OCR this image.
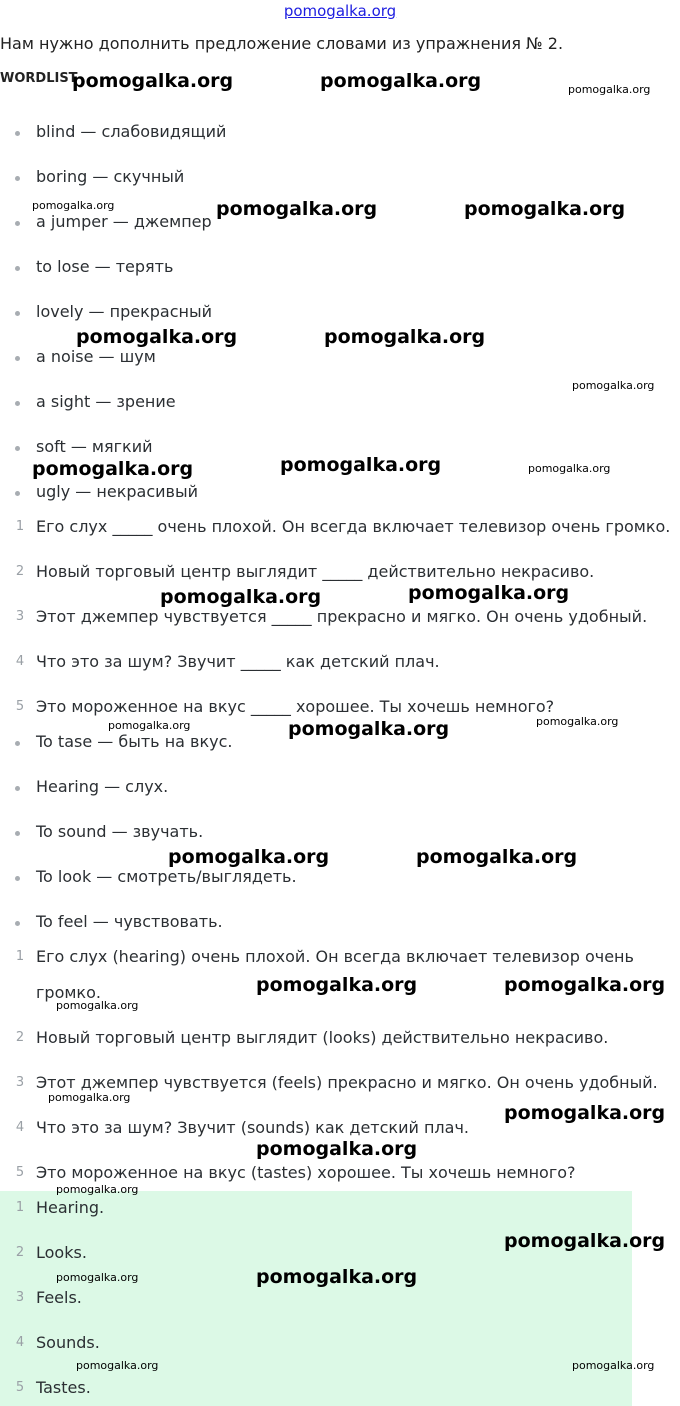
pomogalka.org
Нам нужно дополнить предложение словами из упражнения № 2.
WORDLIST
blind — слабовидящий
boring — скучный
a jumper — джемпер
to lose — терять
lovely — прекрасный
a noise — шум
a sight — зрение
soft — мягкий
ugly — некрасивый
1 Его слух _____ очень плохой. Он всегда включает телевизор очень громко.
2 Новый торговый центр выглядит _____ действительно некрасиво.
3 Этот джемпер чувствуется _____ прекрасно и мягко. Он очень удобный.
4 Что это за шум? Звучит _____ как детский плач.
5 Это мороженное на вкус _____ хорошее. Ты хочешь немного?
To tase — быть на вкус.
Hearing — слух.
To sound — звучать.
To look — смотреть/выглядеть.
To feel — чувствовать.
1 Его слух (hearing) очень плохой. Он всегда включает телевизор очень
громко.
2 Новый торговый центр выглядит (looks) действительно некрасиво.
3 Этот джемпер чувствуется (feels) прекрасно и мягко. Он очень удобный.
4 Что это за шум? Звучит (sounds) как детский плач.
5 Это мороженное на вкус (tastes) хорошее. Ты хочешь немного?
1 Hearing.
2 Looks.
3 Feels.
4 Sounds.
5 Tastes.
pomogalka.org	pomogalka.org	pomogalka.org
pomogalka.org	pomogalka.org	pomogalka.org
pomogalka.org	pomogalka.org
pomogalka.org
pomogalka.org	pomogalka.org	pomogalka.org
pomogalka.org	pomogalka.org
pomogalka.org	pomogalka.org	pomogalka.org
pomogalka.org	pomogalka.org
pomogalka.org	pomogalka.org
pomogalka.org
pomogalka.org
pomogalka.org
pomogalka.org
pomogalka.org
pomogalka.org
pomogalka.org	pomogalka.org
pomogalka.org	pomogalka.org
